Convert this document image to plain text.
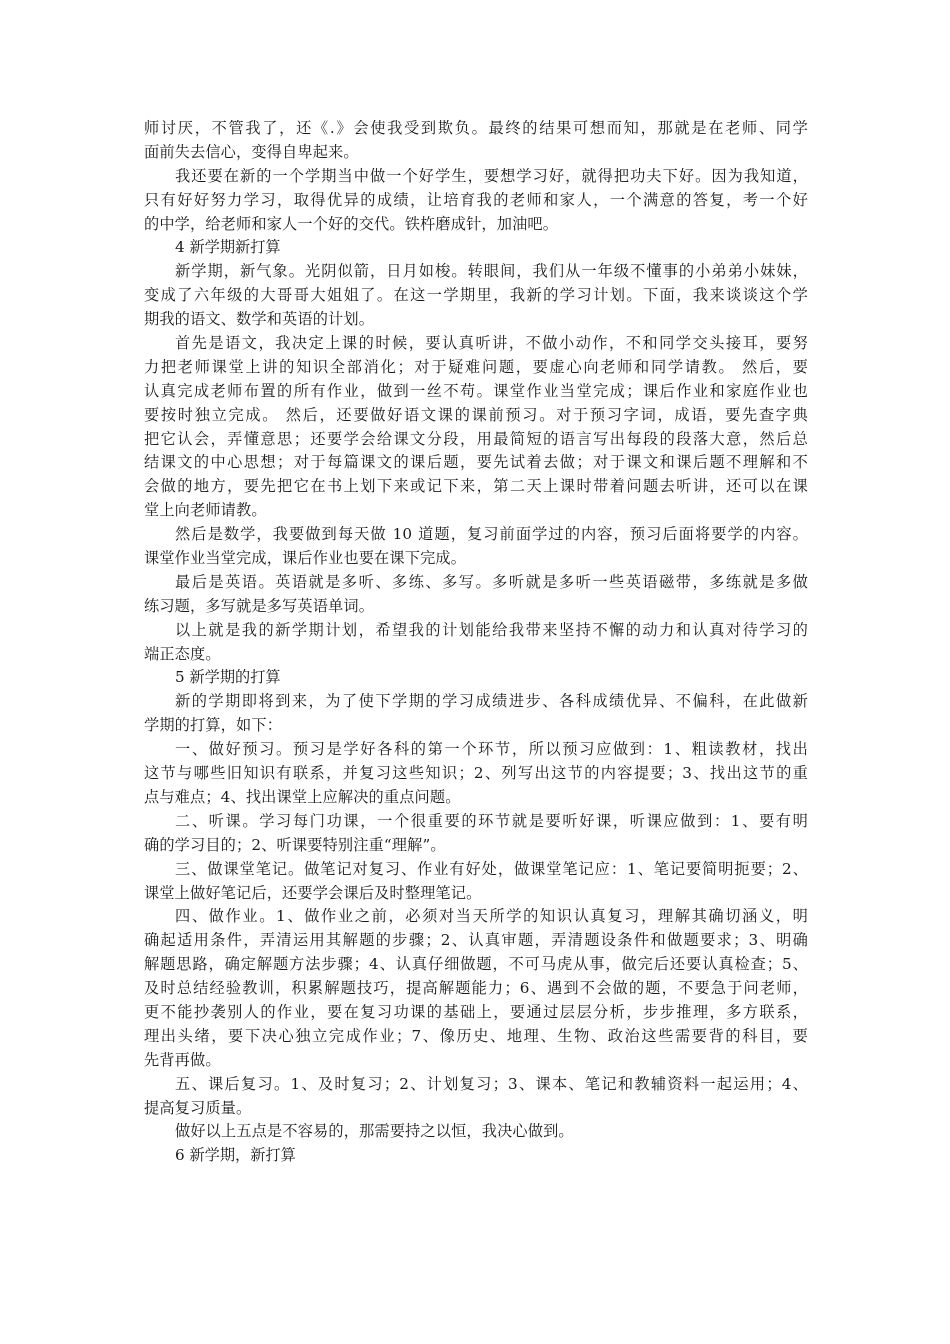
师讨厌，不管我了，还《.》会使我受到欺负。最终的结果可想而知，那就是在老师、同学
面前失去信心，变得自卑起来。
我还要在新的一个学期当中做一个好学生，要想学习好，就得把功夫下好。因为我知道，
只有好好努力学习，取得优异的成绩，让培育我的老师和家人，一个满意的答复，考一个好
的中学，给老师和家人一个好的交代。铁杵磨成针，加油吧。
4 新学期新打算
新学期，新气象。光阴似箭，日月如梭。转眼间，我们从一年级不懂事的小弟弟小妹妹，
变成了六年级的大哥哥大姐姐了。在这一学期里，我新的学习计划。下面，我来谈谈这个学
期我的语文、数学和英语的计划。
首先是语文，我决定上课的时候，要认真听讲，不做小动作，不和同学交头接耳，要努
力把老师课堂上讲的知识全部消化；对于疑难问题，要虚心向老师和同学请教。 然后，要
认真完成老师布置的所有作业，做到一丝不苟。课堂作业当堂完成；课后作业和家庭作业也
要按时独立完成。 然后，还要做好语文课的课前预习。对于预习字词，成语，要先查字典
把它认会，弄懂意思；还要学会给课文分段，用最简短的语言写出每段的段落大意，然后总
结课文的中心思想；对于每篇课文的课后题，要先试着去做；对于课文和课后题不理解和不
会做的地方，要先把它在书上划下来或记下来，第二天上课时带着问题去听讲，还可以在课
堂上向老师请教。
然后是数学，我要做到每天做 10 道题，复习前面学过的内容，预习后面将要学的内容。
课堂作业当堂完成，课后作业也要在课下完成。
最后是英语。英语就是多听、多练、多写。多听就是多听一些英语磁带，多练就是多做
练习题，多写就是多写英语单词。
以上就是我的新学期计划，希望我的计划能给我带来坚持不懈的动力和认真对待学习的
端正态度。
5 新学期的打算
新的学期即将到来，为了使下学期的学习成绩进步、各科成绩优异、不偏科，在此做新
学期的打算，如下：
一、做好预习。预习是学好各科的第一个环节，所以预习应做到：1、粗读教材，找出
这节与哪些旧知识有联系，并复习这些知识；2、列写出这节的内容提要；3、找出这节的重
点与难点；4、找出课堂上应解决的重点问题。
二、听课。学习每门功课，一个很重要的环节就是要听好课，听课应做到：1、要有明
确的学习目的；2、听课要特别注重“理解”。
三、做课堂笔记。做笔记对复习、作业有好处，做课堂笔记应：1、笔记要简明扼要；2、
课堂上做好笔记后，还要学会课后及时整理笔记。
四、做作业。1、做作业之前，必须对当天所学的知识认真复习，理解其确切涵义，明
确起适用条件，弄清运用其解题的步骤；2、认真审题，弄清题设条件和做题要求；3、明确
解题思路，确定解题方法步骤；4、认真仔细做题，不可马虎从事，做完后还要认真检查；5、
及时总结经验教训，积累解题技巧，提高解题能力；6、遇到不会做的题，不要急于问老师，
更不能抄袭别人的作业，要在复习功课的基础上，要通过层层分析，步步推理，多方联系，
理出头绪，要下决心独立完成作业；7、像历史、地理、生物、政治这些需要背的科目，要
先背再做。
五、课后复习。1、及时复习；2、计划复习；3、课本、笔记和教辅资料一起运用；4、
提高复习质量。
做好以上五点是不容易的，那需要持之以恒，我决心做到。
6 新学期，新打算
